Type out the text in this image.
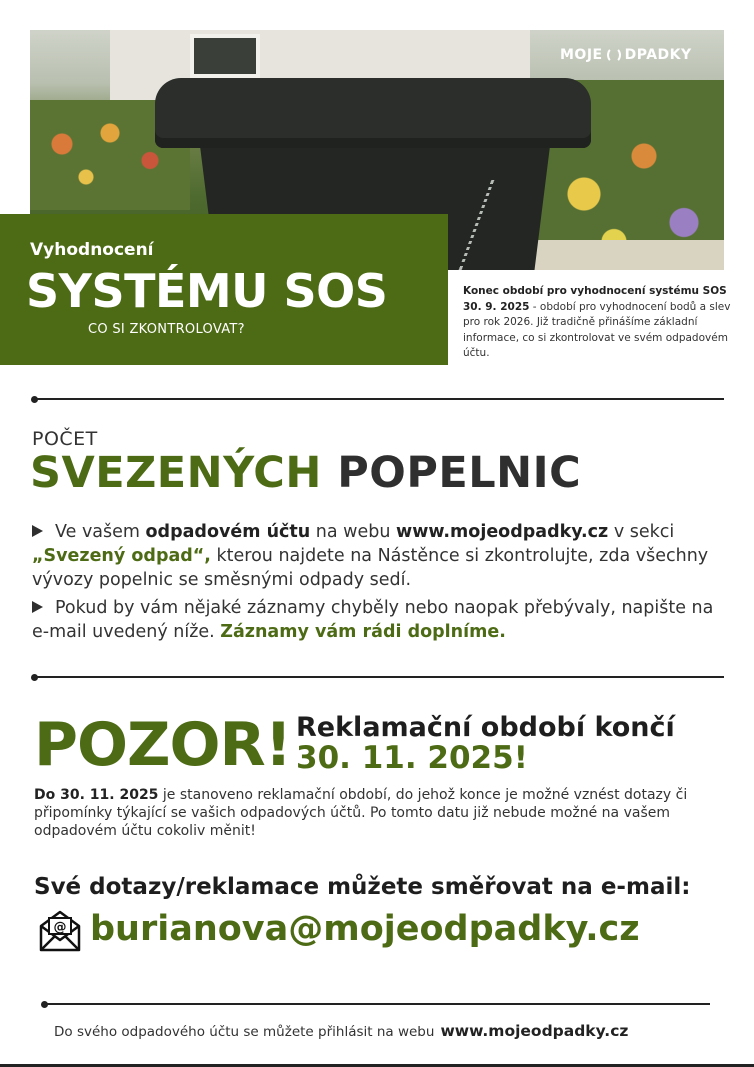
MOJE DPADKY
Vyhodnocení
SYSTÉMU SOS
CO SI ZKONTROLOVAT?
Konec období pro vyhodnocení systému SOS 30. 9. 2025 - období pro vyhodnocení bodů a slev pro rok 2026. Již tradičně přinášíme základní informace, co si zkontrolovat ve svém odpadovém účtu.
POČET
SVEZENÝCH POPELNIC
Ve vašem odpadovém účtu na webu www.mojeodpadky.cz v sekci „Svezený odpad“, kterou najdete na Nástěnce si zkontrolujte, zda všechny vývozy popelnic se směsnými odpady sedí.
Pokud by vám nějaké záznamy chyběly nebo naopak přebývaly, napište na e-mail uvedený níže. Záznamy vám rádi doplníme.
POZOR! Reklamační období končí
30. 11. 2025!
Do 30. 11. 2025 je stanoveno reklamační období, do jehož konce je možné vznést dotazy či připomínky týkající se vašich odpadových účtů. Po tomto datu již nebude možné na vašem odpadovém účtu cokoliv měnit!
Své dotazy/reklamace můžete směřovat na e-mail:
@ burianova@mojeodpadky.cz
Do svého odpadového účtu se můžete přihlásit na webu www.mojeodpadky.cz
